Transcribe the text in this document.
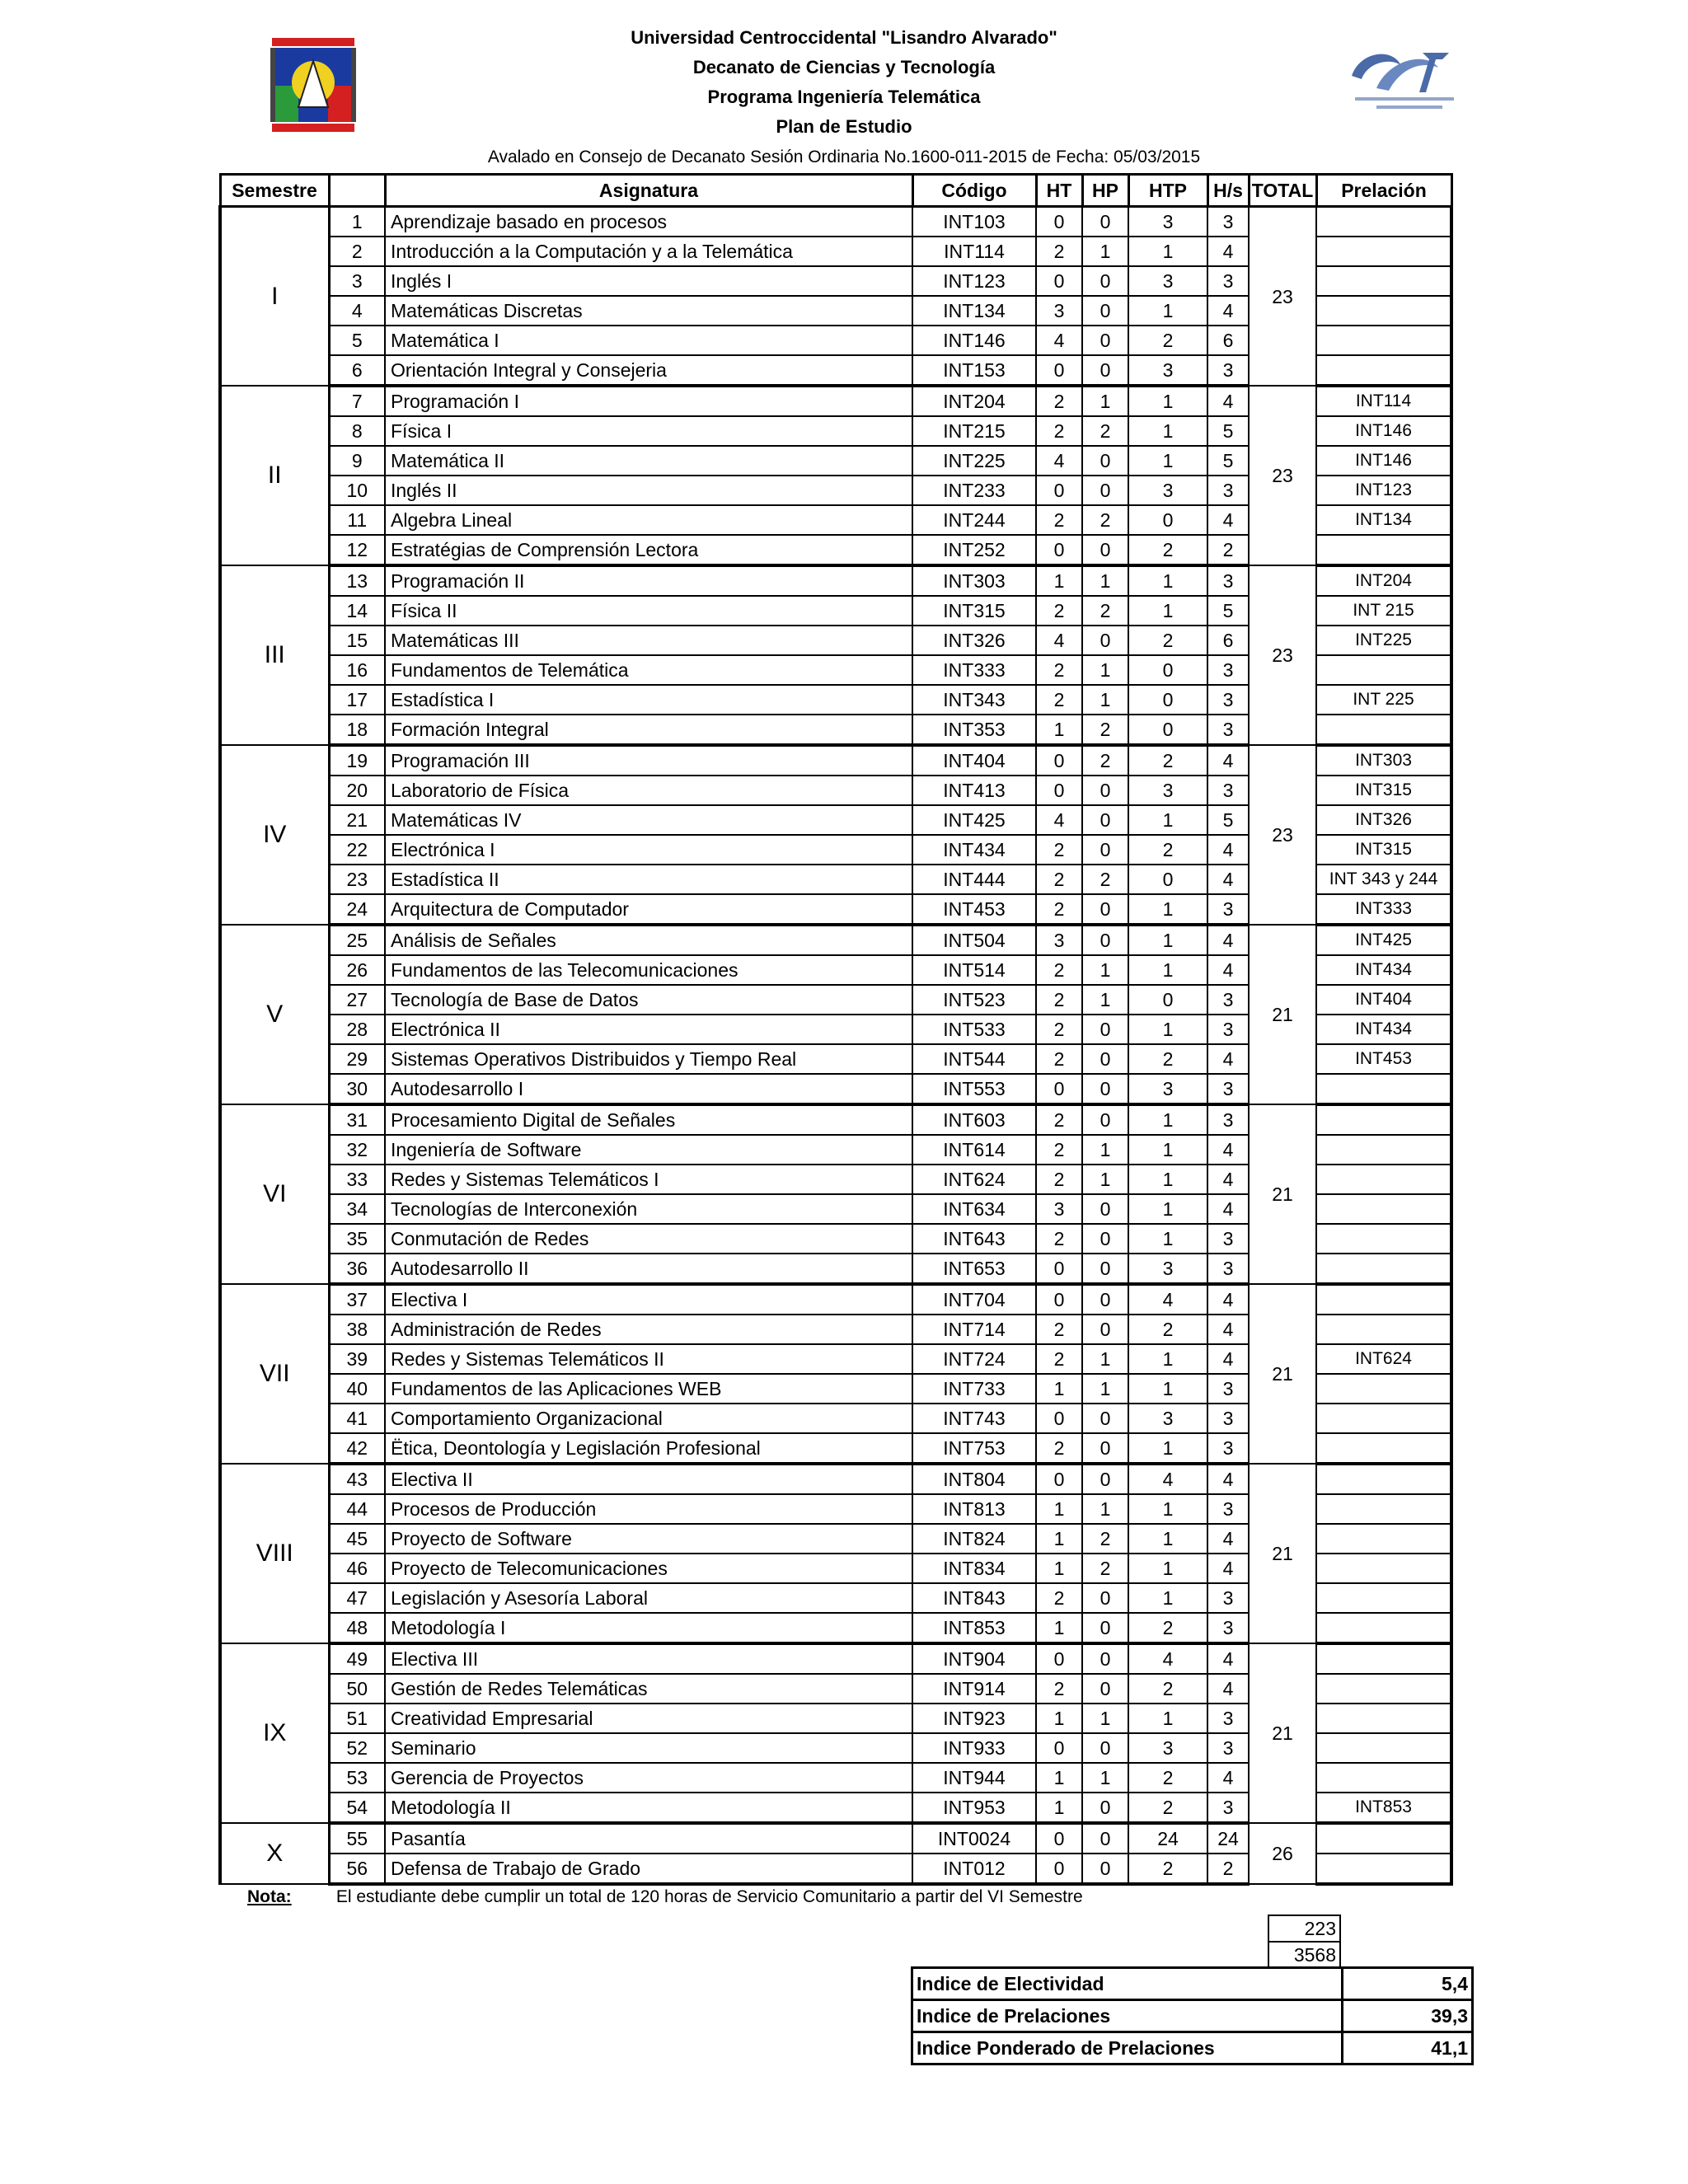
Universidad Centroccidental "Lisandro Alvarado"
Decanato de Ciencias y Tecnología
Programa Ingeniería Telemática
Plan de Estudio
Avalado en Consejo de Decanato Sesión Ordinaria No.1600-011-2015 de Fecha: 05/03/2015
Semestre		Asignatura	Código	HT	HP	HTP	H/s	TOTAL	Prelación
I	1	Aprendizaje basado en procesos	INT103	0	0	3	3	23	
	2	Introducción a la Computación y a la Telemática	INT114	2	1	1	4		
	3	Inglés I	INT123	0	0	3	3		
	4	Matemáticas Discretas	INT134	3	0	1	4		
	5	Matemática I	INT146	4	0	2	6		
	6	Orientación Integral y Consejeria	INT153	0	0	3	3		
II	7	Programación I	INT204	2	1	1	4	23	INT114
	8	Física I	INT215	2	2	1	5		INT146
	9	Matemática II	INT225	4	0	1	5		INT146
	10	Inglés II	INT233	0	0	3	3		INT123
	11	Algebra Lineal	INT244	2	2	0	4		INT134
	12	Estratégias de Comprensión Lectora	INT252	0	0	2	2		
III	13	Programación II	INT303	1	1	1	3	23	INT204
	14	Física II	INT315	2	2	1	5		INT 215
	15	Matemáticas III	INT326	4	0	2	6		INT225
	16	Fundamentos de Telemática	INT333	2	1	0	3		
	17	Estadística I	INT343	2	1	0	3		INT 225
	18	Formación Integral	INT353	1	2	0	3		
IV	19	Programación III	INT404	0	2	2	4	23	INT303
	20	Laboratorio de Física	INT413	0	0	3	3		INT315
	21	Matemáticas IV	INT425	4	0	1	5		INT326
	22	Electrónica I	INT434	2	0	2	4		INT315
	23	Estadística II	INT444	2	2	0	4		INT 343 y 244
	24	Arquitectura de Computador	INT453	2	0	1	3		INT333
V	25	Análisis de Señales	INT504	3	0	1	4	21	INT425
	26	Fundamentos de las Telecomunicaciones	INT514	2	1	1	4		INT434
	27	Tecnología de Base de Datos	INT523	2	1	0	3		INT404
	28	Electrónica II	INT533	2	0	1	3		INT434
	29	Sistemas Operativos Distribuidos y Tiempo Real	INT544	2	0	2	4		INT453
	30	Autodesarrollo I	INT553	0	0	3	3		
VI	31	Procesamiento Digital de Señales	INT603	2	0	1	3	21	
	32	Ingeniería de Software	INT614	2	1	1	4		
	33	Redes y Sistemas Telemáticos I	INT624	2	1	1	4		
	34	Tecnologías de Interconexión	INT634	3	0	1	4		
	35	Conmutación de Redes	INT643	2	0	1	3		
	36	Autodesarrollo II	INT653	0	0	3	3		
VII	37	Electiva I	INT704	0	0	4	4	21	
	38	Administración de Redes	INT714	2	0	2	4		
	39	Redes y Sistemas Telemáticos II	INT724	2	1	1	4		INT624
	40	Fundamentos de las Aplicaciones WEB	INT733	1	1	1	3		
	41	Comportamiento Organizacional	INT743	0	0	3	3		
	42	Ëtica, Deontología y Legislación Profesional	INT753	2	0	1	3		
VIII	43	Electiva II	INT804	0	0	4	4	21	
	44	Procesos de Producción	INT813	1	1	1	3		
	45	Proyecto de Software	INT824	1	2	1	4		
	46	Proyecto de Telecomunicaciones	INT834	1	2	1	4		
	47	Legislación y Asesoría Laboral	INT843	2	0	1	3		
	48	Metodología I	INT853	1	0	2	3		
IX	49	Electiva III	INT904	0	0	4	4	21	
	50	Gestión de Redes Telemáticas	INT914	2	0	2	4		
	51	Creatividad Empresarial	INT923	1	1	1	3		
	52	Seminario	INT933	0	0	3	3		
	53	Gerencia de Proyectos	INT944	1	1	2	4		
	54	Metodología II	INT953	1	0	2	3		INT853
X	55	Pasantía	INT0024	0	0	24	24	26	
	56	Defensa de Trabajo de Grado	INT012	0	0	2	2		
Nota:	El estudiante debe cumplir un total de 120 horas de Servicio Comunitario a partir del VI Semestre
223
3568
Indice de Electividad	5,4
Indice de Prelaciones	39,3
Indice Ponderado de Prelaciones	41,1
